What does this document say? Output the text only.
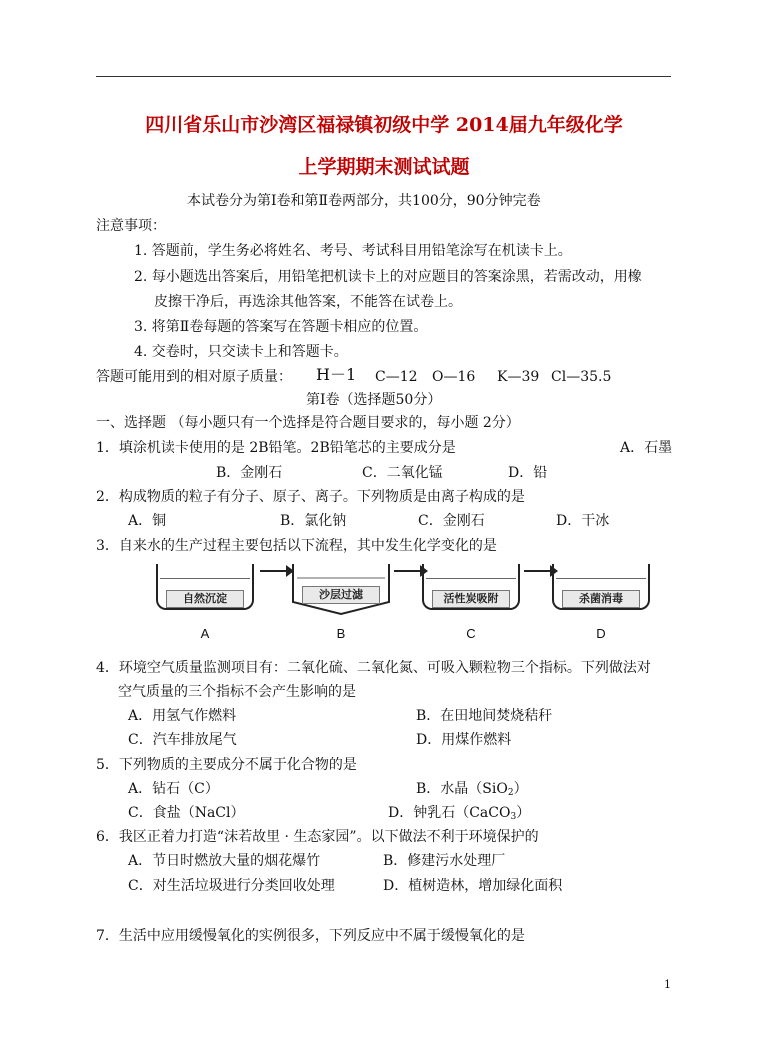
四川省乐山市沙湾区福禄镇初级中学 2014届九年级化学
上学期期末测试试题
本试卷分为第Ⅰ卷和第Ⅱ卷两部分，共100分，90分钟完卷
注意事项：
1. 答题前，学生务必将姓名、考号、考试科目用铅笔涂写在机读卡上。
2. 每小题选出答案后，用铅笔把机读卡上的对应题目的答案涂黑，若需改动，用橡
皮擦干净后，再选涂其他答案，不能答在试卷上。
3. 将第Ⅱ卷每题的答案写在答题卡相应的位置。
4. 交卷时，只交读卡上和答题卡。
答题可能用到的相对原子质量： H－1 C—12 O—16 K—39 Cl—35.5
第Ⅰ卷（选择题50分）
一、选择题 （每小题只有一个选择是符合题目要求的，每小题 2分）
1．填涂机读卡使用的是 2B铅笔。2B铅笔芯的主要成分是	A．石墨
B．金刚石	C．二氧化锰	D．铅
2．构成物质的粒子有分子、原子、离子。下列物质是由离子构成的是
A．铜	B．氯化钠	C．金刚石	D．干冰
3．自来水的生产过程主要包括以下流程，其中发生化学变化的是
自然沉淀	沙层过滤	活性炭吸附	杀菌消毒
A	B	C	D
4．环境空气质量监测项目有：二氧化硫、二氧化氮、可吸入颗粒物三个指标。下列做法对
空气质量的三个指标不会产生影响的是
A．用氢气作燃料	B．在田地间焚烧秸秆
C．汽车排放尾气	D．用煤作燃料
5．下列物质的主要成分不属于化合物的是
A．钻石（C）	B．水晶（SiO$_2$）
C．食盐（NaCl）	D．钟乳石（CaCO$_3$）
6．我区正着力打造“沫若故里 · 生态家园”。以下做法不利于环境保护的
A．节日时燃放大量的烟花爆竹	B．修建污水处理厂
C．对生活垃圾进行分类回收处理	D．植树造林，增加绿化面积
7．生活中应用缓慢氧化的实例很多，下列反应中不属于缓慢氧化的是
1
